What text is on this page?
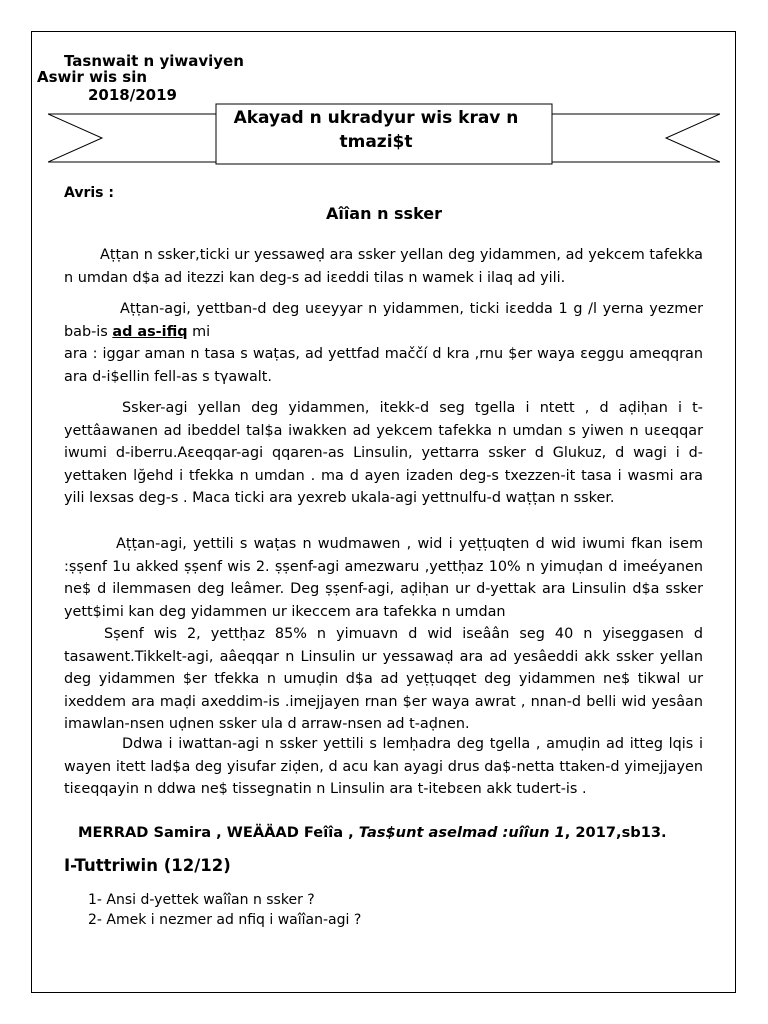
Tasnwait n yiwaviyen
Aswir wis sin
2018/2019
Akayad n ukradyur wis krav n
tmazi$t
Avris :
Aîîan n ssker

Aṭṭan n ssker,ticki ur yessaweḍ ara ssker yellan deg yidammen, ad yekcem tafekka n umdan d$a ad itezzi kan deg-s ad iɛeddi tilas n wamek i ilaq ad yili.

Aṭṭan-agi, yettban-d deg uɛeyyar n yidammen, ticki iɛedda 1 g /l yerna yezmer bab-is ad as-ifiq mi

ara : iggar aman n tasa s waṭas, ad yettfad maččí d kra ,rnu $er waya ɛeggu ameqqran ara d-i$ellin fell-as s tγawalt.

Ssker-agi yellan deg yidammen, itekk-d seg tgella i ntett , d aḍiḥan i t-yettâawanen ad ibeddel tal$a iwakken ad yekcem tafekka n umdan s yiwen n uɛeqqar iwumi d-iberru.Aɛeqqar-agi qqaren-as Linsulin, yettarra ssker d Glukuz, d wagi i d-yettaken lğehd i tfekka n umdan . ma d ayen izaden deg-s txezzen-it tasa i wasmi ara yili lexsas deg-s . Maca ticki ara yexreb ukala-agi yettnulfu-d waṭṭan n ssker.

Aṭṭan-agi, yettili s waṭas n wudmawen , wid i yeṭṭuqten d wid iwumi fkan isem :ṣṣenf 1u akked ṣṣenf wis 2. ṣṣenf-agi amezwaru ,yettḥaz 10% n yimuḍan d imeéyanen ne$ d ilemmasen deg leâmer. Deg ṣṣenf-agi, aḍiḥan ur d-yettak ara Linsulin d$a ssker yett$imi kan deg yidammen ur ikeccem ara tafekka n umdan

Sṣenf wis 2, yettḥaz 85% n yimuavn d wid iseâân seg 40 n yiseggasen d tasawent.Tikkelt-agi, aâeqqar n Linsulin ur yessawaḍ ara ad yesâeddi akk ssker yellan deg yidammen $er tfekka n umuḍin d$a ad yeṭṭuqqet deg yidammen ne$ tikwal ur ixeddem ara maḍi axeddim-is .imejjayen rnan $er waya awrat , nnan-d belli wid yesâan imawlan-nsen uḍnen ssker ula d arraw-nsen ad t-aḍnen.

Ddwa i iwattan-agi n ssker yettili s lemḥadra deg tgella , amuḍin ad itteg lqis i wayen itett lad$a deg yisufar ziḍen, d acu kan ayagi drus da$-netta ttaken-d yimejjayen tiɛeqqayin n ddwa ne$ tissegnatin n Linsulin ara t-itebɛen akk tudert-is .

MERRAD Samira , WEÄÄAD Feîîa , Tas$unt aselmad :uîîun 1, 2017,sb13.
I-Tuttriwin (12/12)
1- Ansi d-yettek waîîan n ssker ?
2- Amek i nezmer ad nfiq i waîîan-agi ?
